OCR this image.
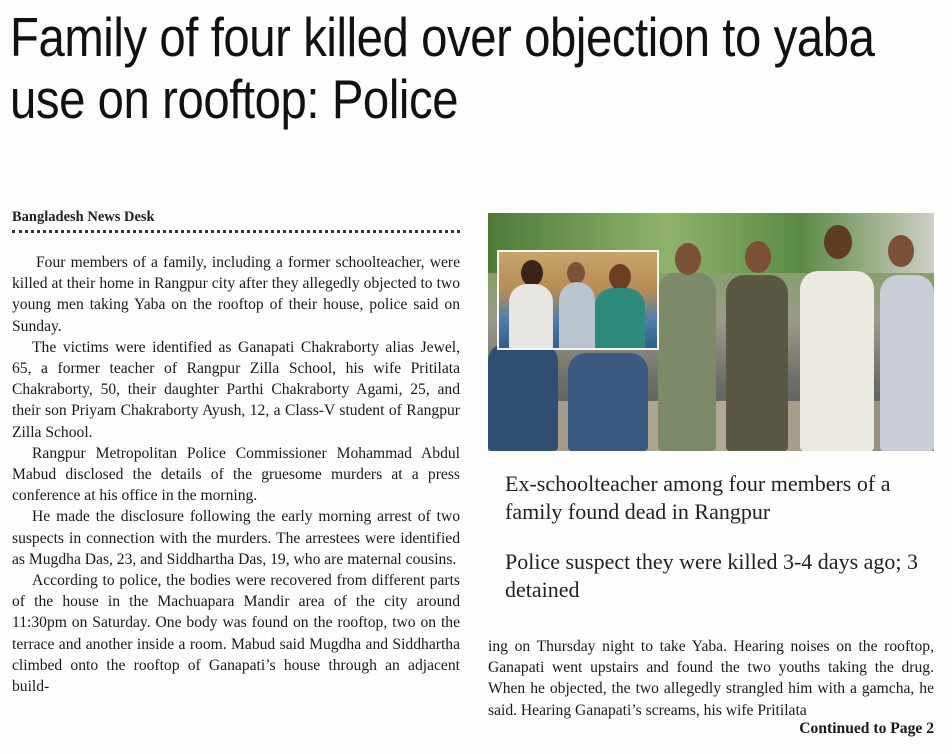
Family of four killed over objection to yaba use on rooftop: Police
Bangladesh News Desk

Four members of a family, including a former schoolteacher, were killed at their home in Rangpur city after they allegedly objected to two young men taking Yaba on the rooftop of their house, police said on Sunday.

The victims were identified as Ganapati Chakraborty alias Jewel, 65, a former teacher of Rangpur Zilla School, his wife Pritilata Chakraborty, 50, their daughter Parthi Chakraborty Agami, 25, and their son Priyam Chakraborty Ayush, 12, a Class-V student of Rangpur Zilla School.

Rangpur Metropolitan Police Commissioner Mohammad Abdul Mabud disclosed the details of the gruesome murders at a press conference at his office in the morning.

He made the disclosure following the early morning arrest of two suspects in connection with the murders. The arrestees were identified as Mugdha Das, 23, and Siddhartha Das, 19, who are maternal cousins.

According to police, the bodies were recovered from different parts of the house in the Machuapara Mandir area of the city around 11:30pm on Saturday. One body was found on the rooftop, two on the terrace and another inside a room. Mabud said Mugdha and Siddhartha climbed onto the rooftop of Ganapati’s house through an adjacent build-

Ex-schoolteacher among four members of a family found dead in Rangpur
Police suspect they were killed 3-4 days ago; 3 detained

ing on Thursday night to take Yaba. Hearing noises on the rooftop, Ganapati went upstairs and found the two youths taking the drug. When he objected, the two allegedly strangled him with a gamcha, he said. Hearing Ganapati’s screams, his wife Pritilata

Continued to Page 2
